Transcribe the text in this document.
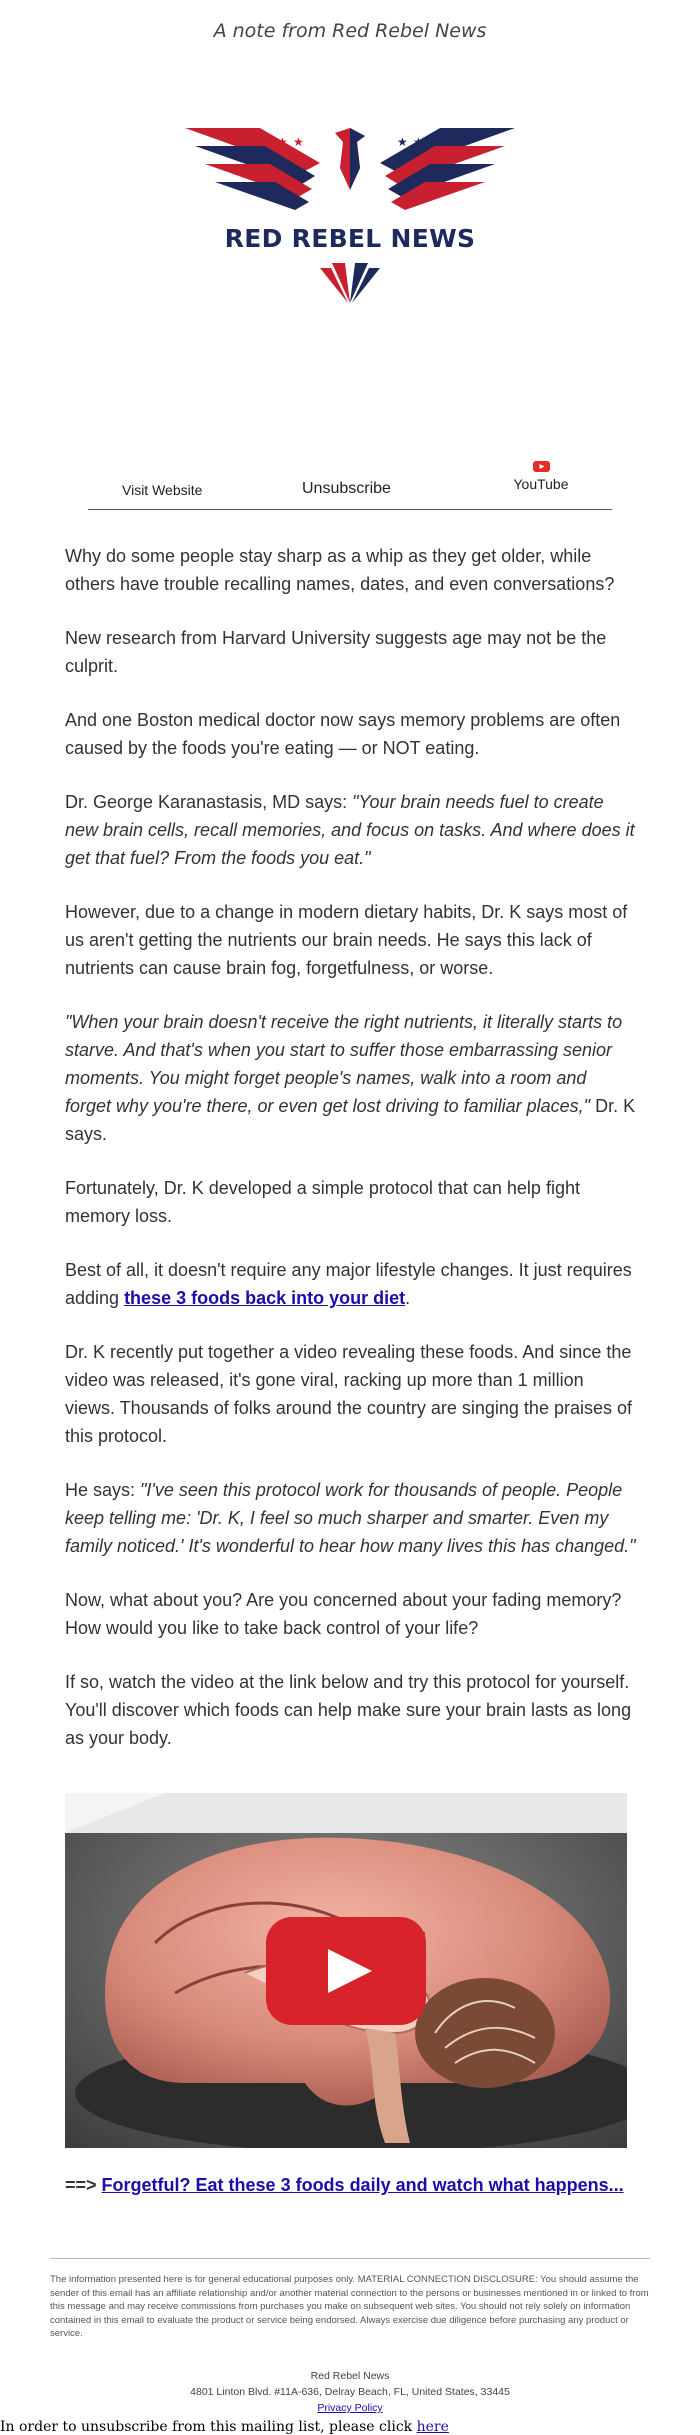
A note from Red Rebel News
★ ★	★ ★
RED REBEL NEWS
Visit Website	Unsubscribe	YouTube

Why do some people stay sharp as a whip as they get older, while others have trouble recalling names, dates, and even conversations?

New research from Harvard University suggests age may not be the culprit.

And one Boston medical doctor now says memory problems are often caused by the foods you're eating — or NOT eating.

Dr. George Karanastasis, MD says: "Your brain needs fuel to create new brain cells, recall memories, and focus on tasks. And where does it get that fuel? From the foods you eat."

However, due to a change in modern dietary habits, Dr. K says most of us aren't getting the nutrients our brain needs. He says this lack of nutrients can cause brain fog, forgetfulness, or worse.

"When your brain doesn't receive the right nutrients, it literally starts to starve. And that's when you start to suffer those embarrassing senior moments. You might forget people's names, walk into a room and forget why you're there, or even get lost driving to familiar places," Dr. K says.

Fortunately, Dr. K developed a simple protocol that can help fight memory loss.

Best of all, it doesn't require any major lifestyle changes. It just requires adding these 3 foods back into your diet.

Dr. K recently put together a video revealing these foods. And since the video was released, it's gone viral, racking up more than 1 million views. Thousands of folks around the country are singing the praises of this protocol.

He says: "I've seen this protocol work for thousands of people. People keep telling me: 'Dr. K, I feel so much sharper and smarter. Even my family noticed.' It's wonderful to hear how many lives this has changed."

Now, what about you? Are you concerned about your fading memory? How would you like to take back control of your life?

If so, watch the video at the link below and try this protocol for yourself. You'll discover which foods can help make sure your brain lasts as long as your body.

==> Forgetful? Eat these 3 foods daily and watch what happens...
The information presented here is for general educational purposes only. MATERIAL CONNECTION DISCLOSURE: You should assume the sender of this email has an affiliate relationship and/or another material connection to the persons or businesses mentioned in or linked to from this message and may receive commissions from purchases you make on subsequent web sites. You should not rely solely on information contained in this email to evaluate the product or service being endorsed. Always exercise due diligence before purchasing any product or service.
Red Rebel News
4801 Linton Blvd. #11A-636, Delray Beach, FL, United States, 33445
Privacy Policy
In order to unsubscribe from this mailing list, please click here
